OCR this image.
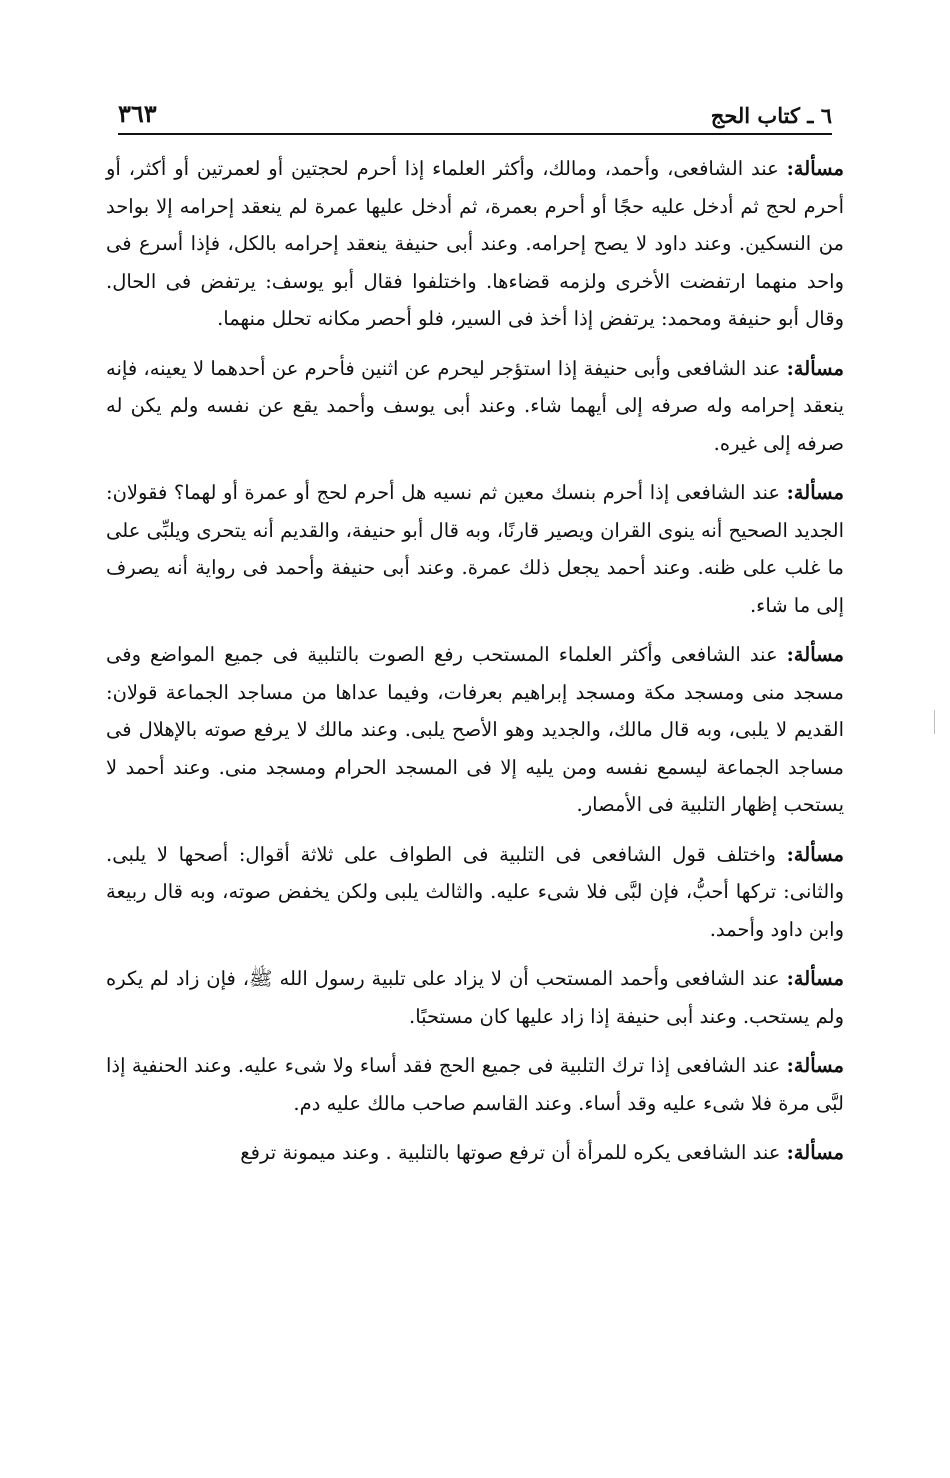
٦ ـ كتاب الحج
٣٦٣

مسألة: عند الشافعى، وأحمد، ومالك، وأكثر العلماء إذا أحرم لحجتين أو لعمرتين أو أكثر، أو أحرم لحج ثم أدخل عليه حجًا أو أحرم بعمرة، ثم أدخل عليها عمرة لم ينعقد إحرامه إلا بواحد من النسكين. وعند داود لا يصح إحرامه. وعند أبى حنيفة ينعقد إحرامه بالكل، فإذا أسرع فى واحد منهما ارتفضت الأخرى ولزمه قضاءها. واختلفوا فقال أبو يوسف: يرتفض فى الحال. وقال أبو حنيفة ومحمد: يرتفض إذا أخذ فى السير، فلو أحصر مكانه تحلل منهما.

مسألة: عند الشافعى وأبى حنيفة إذا استؤجر ليحرم عن اثنين فأحرم عن أحدهما لا يعينه، فإنه ينعقد إحرامه وله صرفه إلى أيهما شاء. وعند أبى يوسف وأحمد يقع عن نفسه ولم يكن له صرفه إلى غيره.

مسألة: عند الشافعى إذا أحرم بنسك معين ثم نسيه هل أحرم لحج أو عمرة أو لهما؟ فقولان: الجديد الصحيح أنه ينوى القران ويصير قارنًا، وبه قال أبو حنيفة، والقديم أنه يتحرى ويلبِّى على ما غلب على ظنه. وعند أحمد يجعل ذلك عمرة. وعند أبى حنيفة وأحمد فى رواية أنه يصرف إلى ما شاء.

مسألة: عند الشافعى وأكثر العلماء المستحب رفع الصوت بالتلبية فى جميع المواضع وفى مسجد منى ومسجد مكة ومسجد إبراهيم بعرفات، وفيما عداها من مساجد الجماعة قولان: القديم لا يلبى، وبه قال مالك، والجديد وهو الأصح يلبى. وعند مالك لا يرفع صوته بالإهلال فى مساجد الجماعة ليسمع نفسه ومن يليه إلا فى المسجد الحرام ومسجد منى. وعند أحمد لا يستحب إظهار التلبية فى الأمصار.

مسألة: واختلف قول الشافعى فى التلبية فى الطواف على ثلاثة أقوال: أصحها لا يلبى. والثانى: تركها أحبُّ، فإن لبَّى فلا شىء عليه. والثالث يلبى ولكن يخفض صوته، وبه قال ربيعة وابن داود وأحمد.

مسألة: عند الشافعى وأحمد المستحب أن لا يزاد على تلبية رسول الله ﷺ، فإن زاد لم يكره ولم يستحب. وعند أبى حنيفة إذا زاد عليها كان مستحبًا.

مسألة: عند الشافعى إذا ترك التلبية فى جميع الحج فقد أساء ولا شىء عليه. وعند الحنفية إذا لبَّى مرة فلا شىء عليه وقد أساء. وعند القاسم صاحب مالك عليه دم.

مسألة: عند الشافعى يكره للمرأة أن ترفع صوتها بالتلبية . وعند ميمونة ترفع
